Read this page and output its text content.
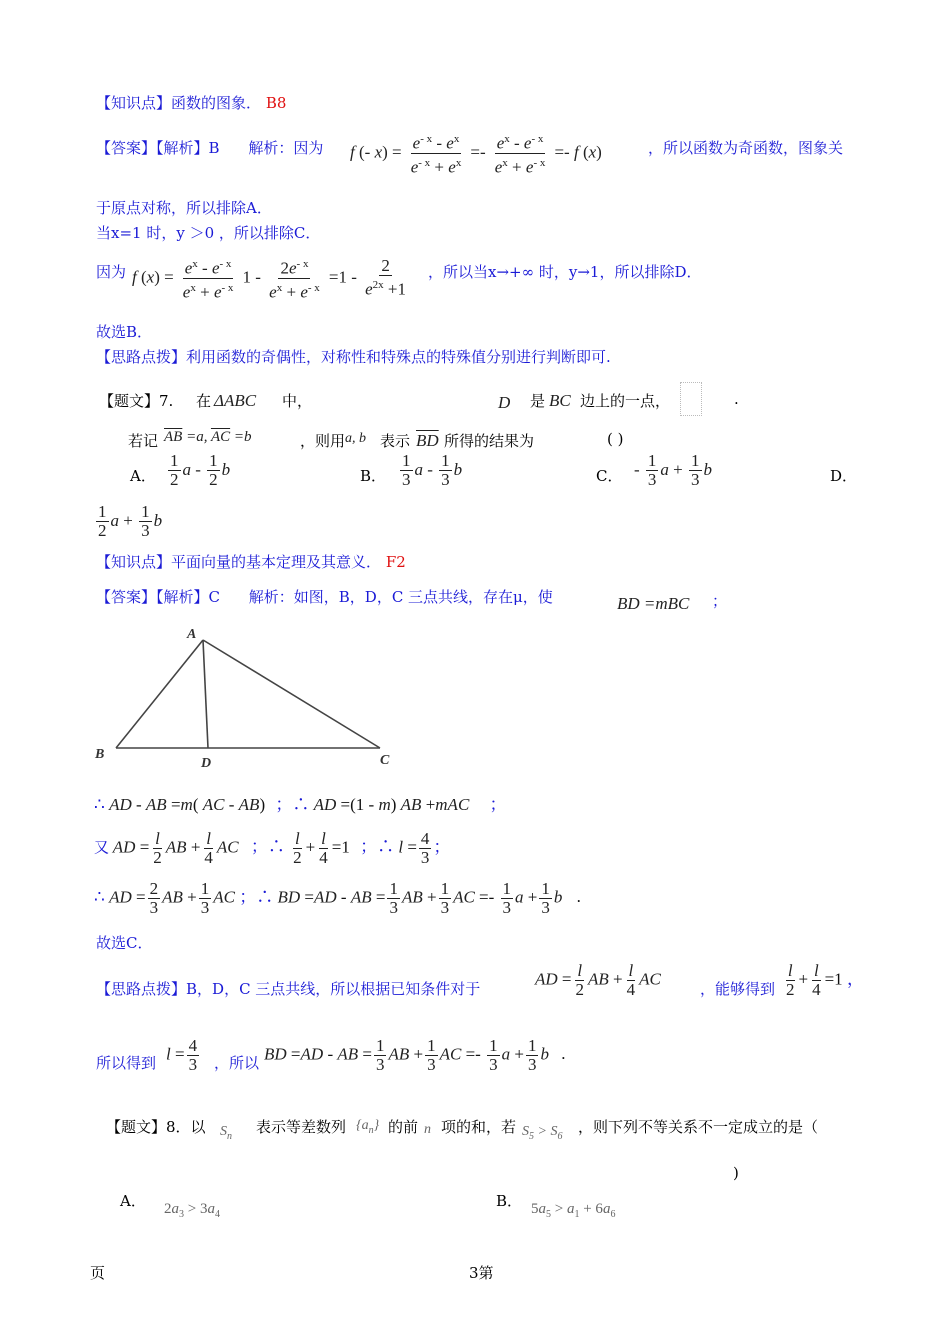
【知识点】函数的图象． B8
【答案】【解析】B 解析：因为 f (- $x) = \frac{e^{- x} - e^x}{e^{- x} + e^x} =- \frac{e^x - e^{- x}}{e^x + e^{- x}} =- f$ (x)	，所以函数为奇函数，图象关
于原点对称，所以排除A．
当x=1 时，y ＞0 ，所以排除C．
因为 f $(x) = \frac{e^x - e^{- x}}{e^x + e^{- x}} 1 - \frac{2e^{- x}}{e^x + e^{- x}} =1 - \frac{2}{e^{2x} +1}$ ，所以当x→+∞ 时，y→1，所以排除D．
故选B．
【思路点拨】利用函数的奇偶性，对称性和特殊点的特殊值分别进行判断即可.
【题文】7. 在 ΔABC 中，	D 是 BC 边上的一点，	.
若记 $\overline{AB} =a$, $\overline{AC} =b$	，则用 a, b 表示 $\overline{BD}$ 所得的结果为	( )
A． $\frac{1}{2}$ a - $\frac{1}{2}$ b	B． $\frac{1}{3}$ a - $\frac{1}{3}$ b	C． - $\frac{1}{3}$ $a + \frac{1}{3}$ b	D．
$\frac{1}{2}$ $a + \frac{1}{3}$ b
【知识点】平面向量的基本定理及其意义． F2
【答案】【解析】C 解析：如图，B，D，C 三点共线，存在μ，使	BD =mBC ；
A
B
D	C
∴ AD - AB =m( AC - AB) ；∴ AD =(1 - m) AB +mAC ；
又 AD = $\frac{l}{2}$ AB + $\frac{l}{4}$ AC ；∴ $\frac{l}{2} + \frac{l}{4} =1$ ；∴ $l = \frac{4}{3}$ ；
∴ AD = $\frac{2}{3}$ AB + $\frac{1}{3}$ AC ；∴ BD =AD - AB = $\frac{1}{3}$ AB + $\frac{1}{3}$ AC =- $\frac{1}{3}$ $a + \frac{1}{3}$ b .
故选C．
【思路点拨】B，D，C 三点共线，所以根据已知条件对于
AD = $\frac{l}{2}$ AB + $\frac{l}{4}$ AC
，能够得到 $\frac{l}{2} + \frac{l}{4} =1$ ，
所以得到 $l = \frac{4}{3}$ ，所以 BD =AD - AB = $\frac{1}{3}$ AB + $\frac{1}{3}$ AC =- $\frac{1}{3}$ $a + \frac{1}{3}$ b .
【题文】8．以 $S_n$
表示等差数列 $\{a_n\}$ 的前 n 项的和，若 $S_5 > S_6$
，则下列不等关系不一定成立的是（
)
A． $2a_3 > 3a_4$
B． $5a_5 > a_1 + 6a_6$
页	3第
